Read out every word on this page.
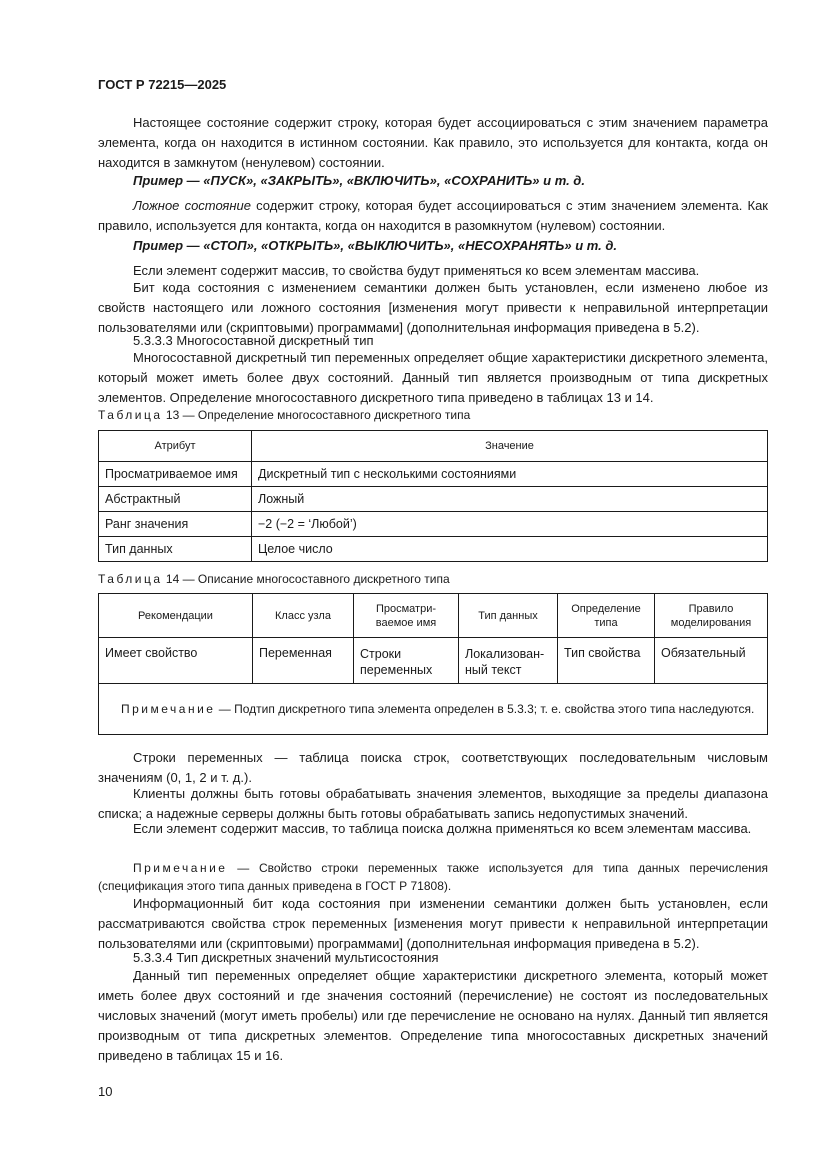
ГОСТ Р 72215—2025

Настоящее состояние содержит строку, которая будет ассоциироваться с этим значением параметра элемента, когда он находится в истинном состоянии. Как правило, это используется для контакта, когда он находится в замкнутом (ненулевом) состоянии.

Пример — «ПУСК», «ЗАКРЫТЬ», «ВКЛЮЧИТЬ», «СОХРАНИТЬ» и т. д.

Ложное состояние содержит строку, которая будет ассоциироваться с этим значением элемента. Как правило, используется для контакта, когда он находится в разомкнутом (нулевом) состоянии.

Пример — «СТОП», «ОТКРЫТЬ», «ВЫКЛЮЧИТЬ», «НЕСОХРАНЯТЬ» и т. д.

Если элемент содержит массив, то свойства будут применяться ко всем элементам массива.

Бит кода состояния с изменением семантики должен быть установлен, если изменено любое из свойств настоящего или ложного состояния [изменения могут привести к неправильной интерпретации пользователями или (скриптовыми) программами] (дополнительная информация приведена в 5.2).

5.3.3.3 Многосоставной дискретный тип

Многосоставной дискретный тип переменных определяет общие характеристики дискретного элемента, который может иметь более двух состояний. Данный тип является производным от типа дискретных элементов. Определение многосоставного дискретного типа приведено в таблицах 13 и 14.

Таблица 13 — Определение многосоставного дискретного типа
Атрибут	Значение
Просматриваемое имя	Дискретный тип с несколькими состояниями
Абстрактный	Ложный
Ранг значения	−2 (−2 = ‘Любой’)
Тип данных	Целое число
Таблица 14 — Описание многосоставного дискретного типа
Рекомендации	Класс узла	Просматри-ваемое имя	Тип данных	Определение типа	Правило моделирования
Имеет свойство	Переменная	Строки переменных	Локализован-ный текст	Тип свойства	Обязательный
Примечание — Подтип дискретного типа элемента определен в 5.3.3; т. е. свойства этого типа наследуются.					

Строки переменных — таблица поиска строк, соответствующих последовательным числовым значениям (0, 1, 2 и т. д.).

Клиенты должны быть готовы обрабатывать значения элементов, выходящие за пределы диапазона списка; а надежные серверы должны быть готовы обрабатывать запись недопустимых значений.

Если элемент содержит массив, то таблица поиска должна применяться ко всем элементам массива.

Примечание — Свойство строки переменных также используется для типа данных перечисления (спецификация этого типа данных приведена в ГОСТ Р 71808).

Информационный бит кода состояния при изменении семантики должен быть установлен, если рассматриваются свойства строк переменных [изменения могут привести к неправильной интерпретации пользователями или (скриптовыми) программами] (дополнительная информация приведена в 5.2).

5.3.3.4 Тип дискретных значений мультисостояния

Данный тип переменных определяет общие характеристики дискретного элемента, который может иметь более двух состояний и где значения состояний (перечисление) не состоят из последовательных числовых значений (могут иметь пробелы) или где перечисление не основано на нулях. Данный тип является производным от типа дискретных элементов. Определение типа многосоставных дискретных значений приведено в таблицах 15 и 16.

10
